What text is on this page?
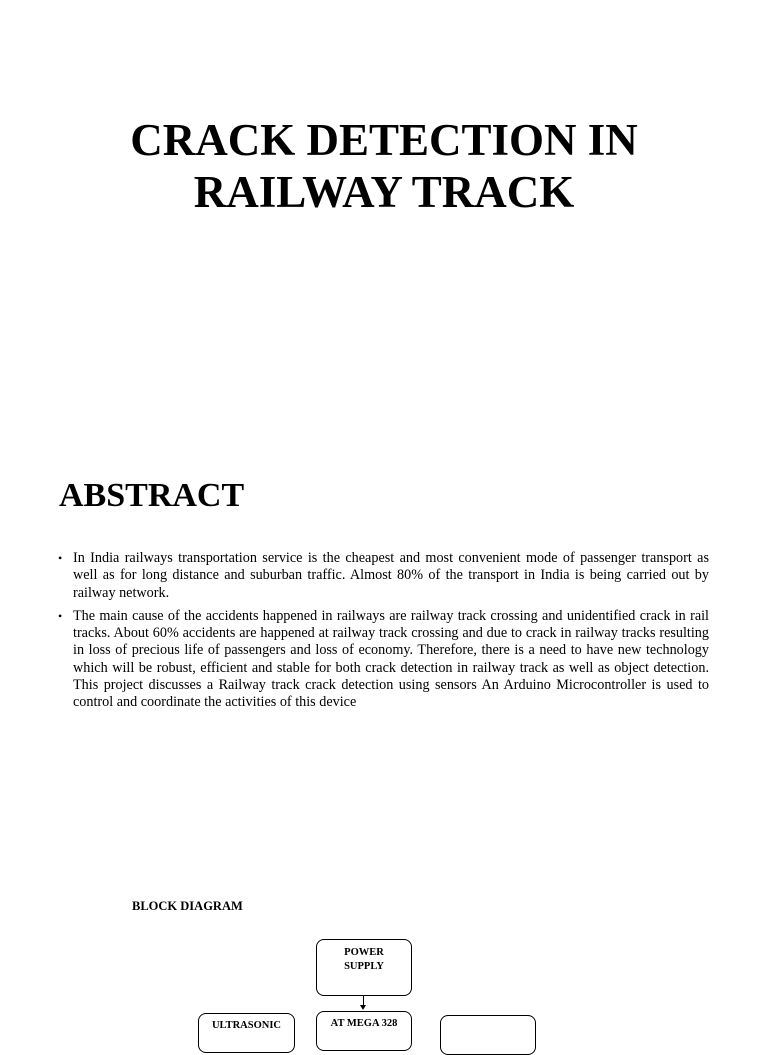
CRACK DETECTION IN
RAILWAY TRACK
ABSTRACT
• In India railways transportation service is the cheapest and most convenient mode of passenger transport as well as for long distance and suburban traffic. Almost 80% of the transport in India is being carried out by railway network.
• The main cause of the accidents happened in railways are railway track crossing and unidentified crack in rail tracks. About 60% accidents are happened at railway track crossing and due to crack in railway tracks resulting in loss of precious life of passengers and loss of economy. Therefore, there is a need to have new technology which will be robust, efficient and stable for both crack detection in railway track as well as object detection. This project discusses a Railway track crack detection using sensors An Arduino Microcontroller is used to control and coordinate the activities of this device

BLOCK DIAGRAM

POWER
SUPPLY
ULTRASONIC	AT MEGA 328
